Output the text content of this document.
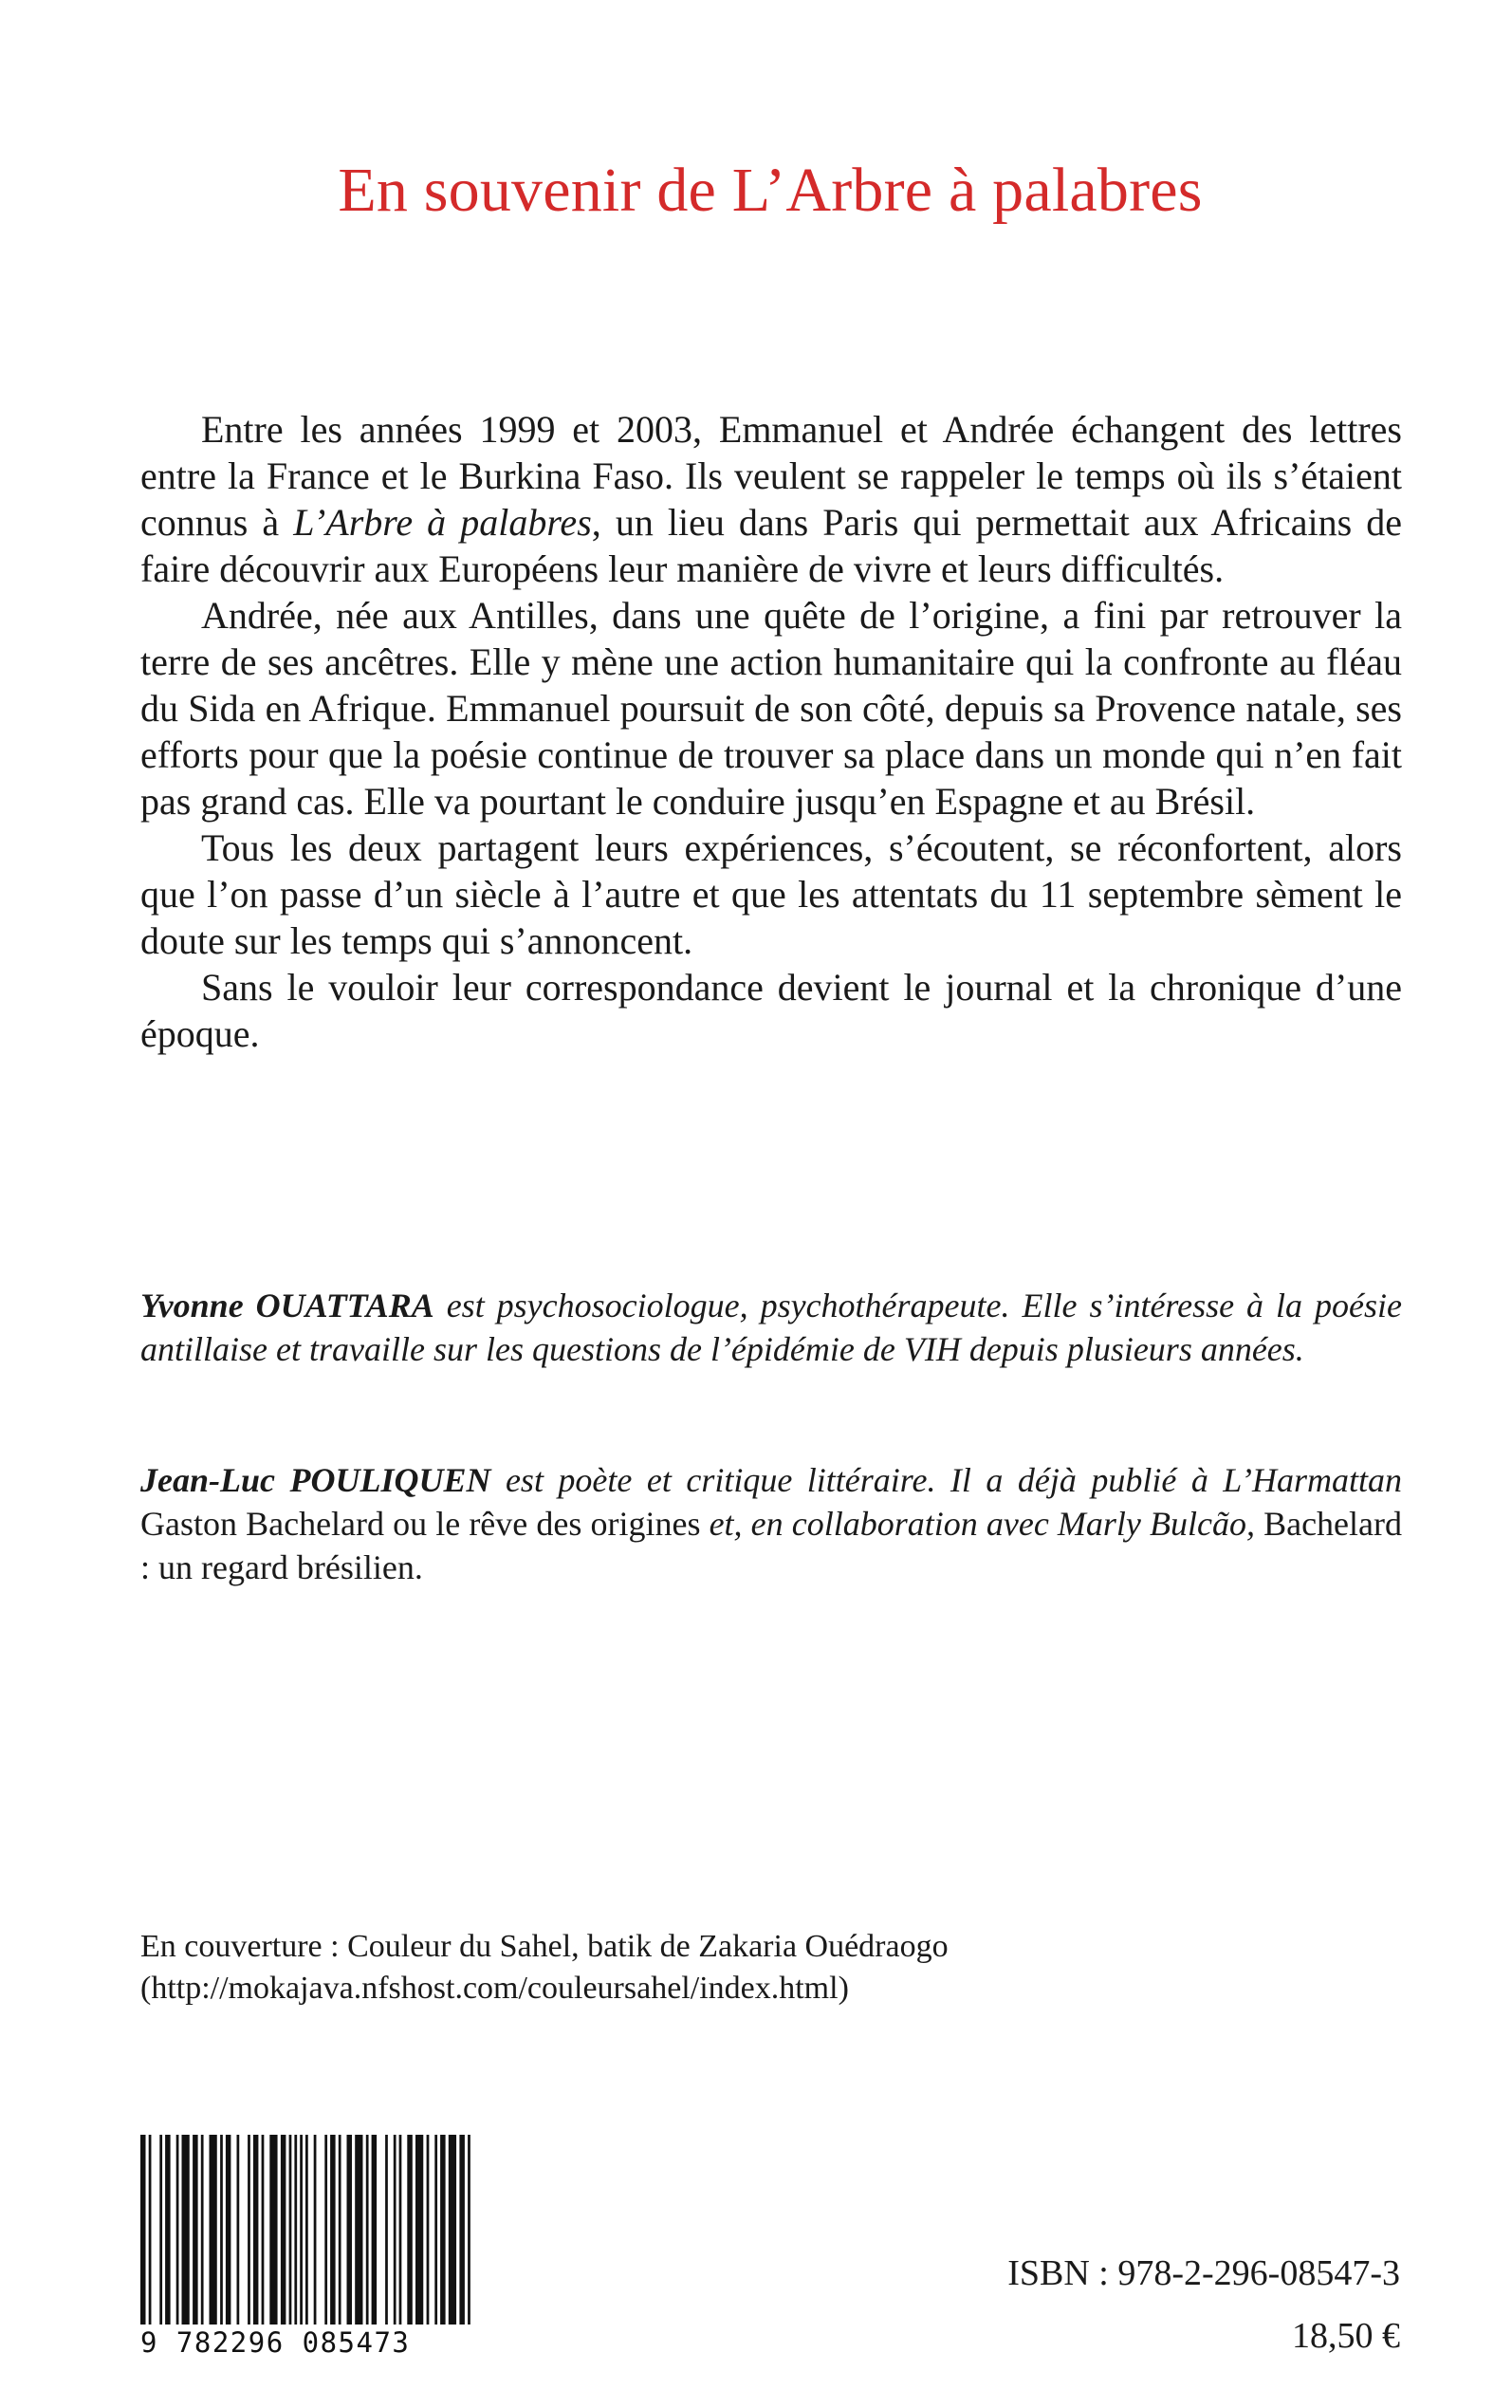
En souvenir de L’Arbre à palabres

Entre les années 1999 et 2003, Emmanuel et Andrée échangent des lettres entre la France et le Burkina Faso. Ils veulent se rappeler le temps où ils s’étaient connus à L’Arbre à palabres, un lieu dans Paris qui permettait aux Africains de faire découvrir aux Européens leur manière de vivre et leurs difficultés.

Andrée, née aux Antilles, dans une quête de l’origine, a fini par retrouver la terre de ses ancêtres. Elle y mène une action humanitaire qui la confronte au fléau du Sida en Afrique. Emmanuel poursuit de son côté, depuis sa Provence natale, ses efforts pour que la poésie continue de trouver sa place dans un monde qui n’en fait pas grand cas. Elle va pourtant le conduire jusqu’en Espagne et au Brésil.

Tous les deux partagent leurs expériences, s’écoutent, se réconfortent, alors que l’on passe d’un siècle à l’autre et que les attentats du 11 septembre sèment le doute sur les temps qui s’annoncent.

Sans le vouloir leur correspondance devient le journal et la chronique d’une époque.

Yvonne OUATTARA est psychosociologue, psychothérapeute. Elle s’intéresse à la poésie antillaise et travaille sur les questions de l’épidémie de VIH depuis plusieurs années.

Jean-Luc POULIQUEN est poète et critique littéraire. Il a déjà publié à L’Harmattan Gaston Bachelard ou le rêve des origines et, en collaboration avec Marly Bulcão, Bachelard : un regard brésilien.

En couverture : Couleur du Sahel, batik de Zakaria Ouédraogo
(http://mokajava.nfshost.com/couleursahel/index.html)
9 782296 085473
ISBN : 978-2-296-08547-3
18,50 €
